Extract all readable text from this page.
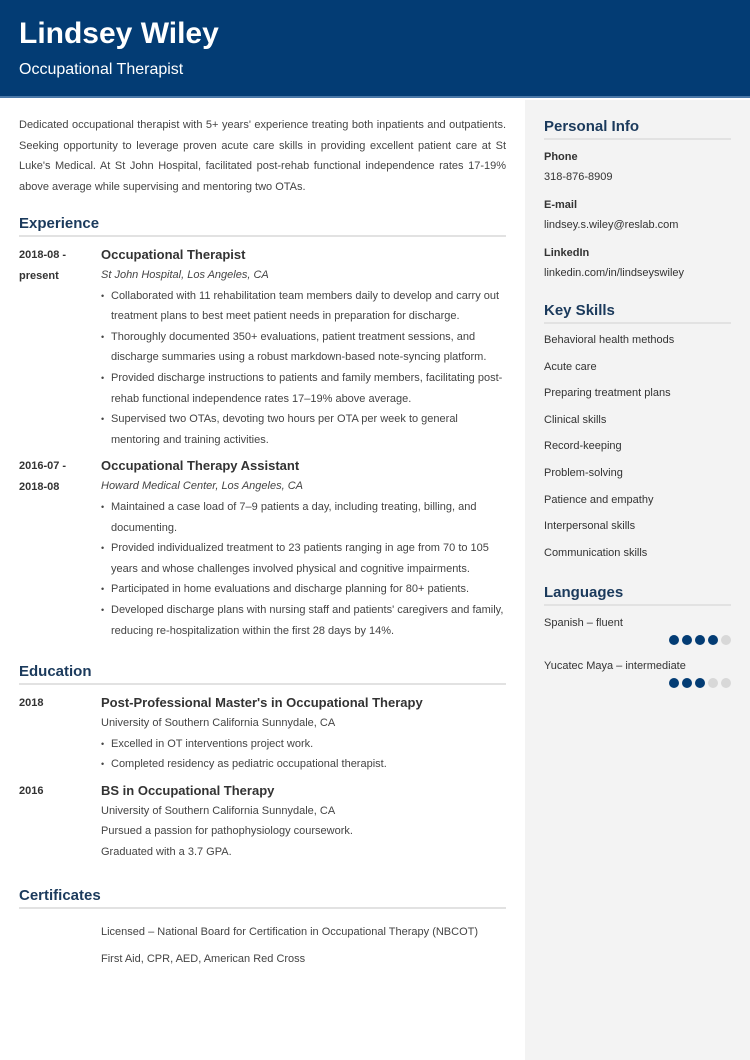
Lindsey Wiley
Occupational Therapist
Dedicated occupational therapist with 5+ years' experience treating both inpatients and outpatients. Seeking opportunity to leverage proven acute care skills in providing excellent patient care at St Luke's Medical. At St John Hospital, facilitated post-rehab functional independence rates 17-19% above average while supervising and mentoring two OTAs.
Experience
2018-08 -
present
Occupational Therapist
St John Hospital, Los Angeles, CA
• Collaborated with 11 rehabilitation team members daily to develop and carry out treatment plans to best meet patient needs in preparation for discharge.
• Thoroughly documented 350+ evaluations, patient treatment sessions, and discharge summaries using a robust markdown-based note-syncing platform.
• Provided discharge instructions to patients and family members, facilitating post-rehab functional independence rates 17–19% above average.
• Supervised two OTAs, devoting two hours per OTA per week to general mentoring and training activities.
2016-07 -
2018-08
Occupational Therapy Assistant
Howard Medical Center, Los Angeles, CA
• Maintained a case load of 7–9 patients a day, including treating, billing, and documenting.
• Provided individualized treatment to 23 patients ranging in age from 70 to 105 years and whose challenges involved physical and cognitive impairments.
• Participated in home evaluations and discharge planning for 80+ patients.
• Developed discharge plans with nursing staff and patients' caregivers and family, reducing re-hospitalization within the first 28 days by 14%.
Education
2018	Post-Professional Master's in Occupational Therapy
University of Southern California Sunnydale, CA
• Excelled in OT interventions project work.
• Completed residency as pediatric occupational therapist.
2016	BS in Occupational Therapy
University of Southern California Sunnydale, CA
Pursued a passion for pathophysiology coursework.
Graduated with a 3.7 GPA.
Certificates
Licensed – National Board for Certification in Occupational Therapy (NBCOT)
First Aid, CPR, AED, American Red Cross
Personal Info
Phone
318-876-8909
E-mail
lindsey.s.wiley@reslab.com
LinkedIn
linkedin.com/in/lindseyswiley
Key Skills
Behavioral health methods
Acute care
Preparing treatment plans
Clinical skills
Record-keeping
Problem-solving
Patience and empathy
Interpersonal skills
Communication skills
Languages
Spanish – fluent
Yucatec Maya – intermediate
